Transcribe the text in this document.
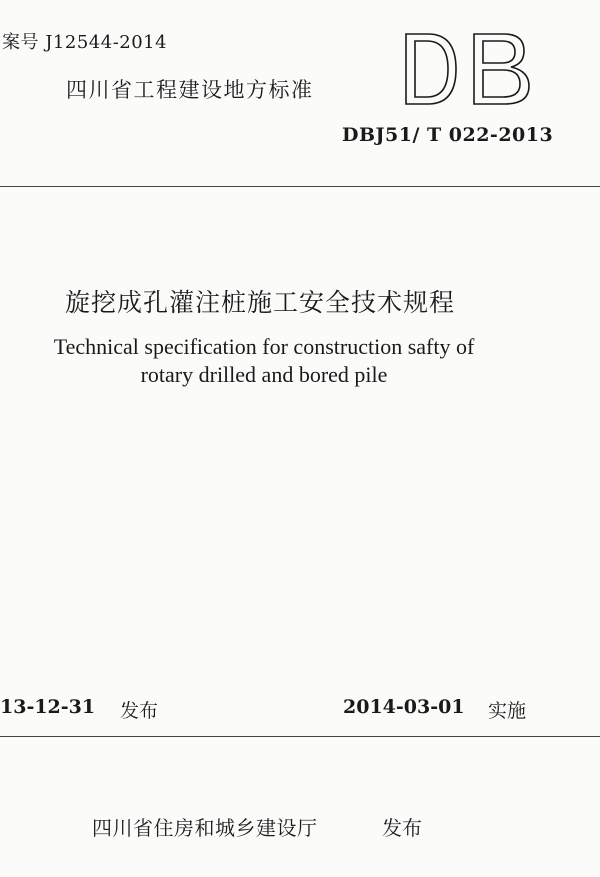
案号 J12544-2014
四川省工程建设地方标准
DBJ51/ T 022-2013
旋挖成孔灌注桩施工安全技术规程
Technical specification for construction safty of
rotary drilled and bored pile
13-12-31 发布	2014-03-01 实施
四川省住房和城乡建设厅	发布
